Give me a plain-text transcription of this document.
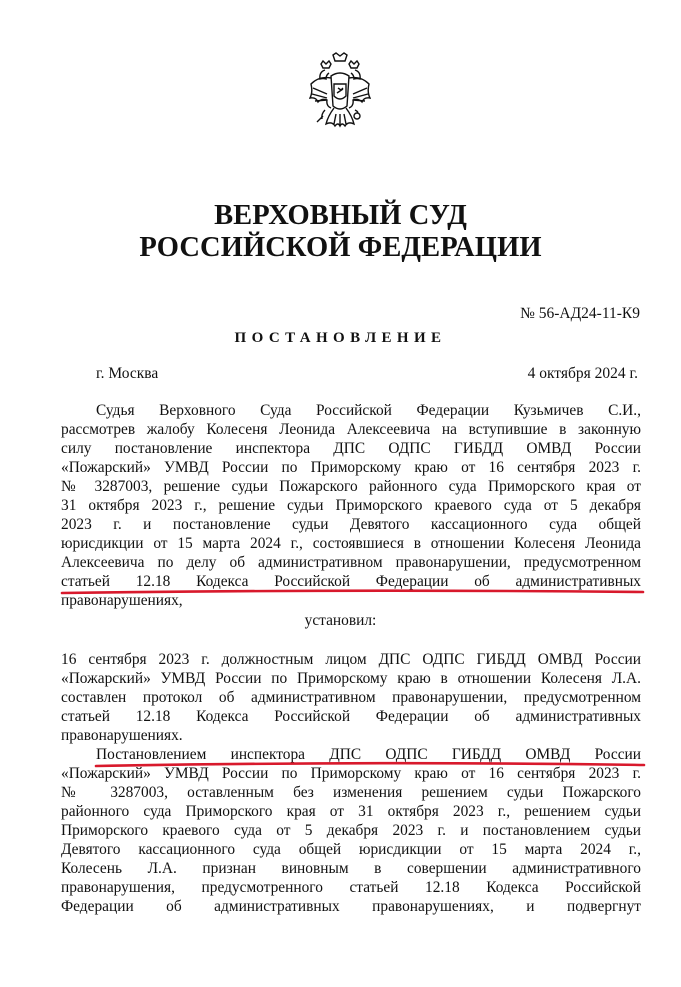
ВЕРХОВНЫЙ СУД
РОССИЙСКОЙ ФЕДЕРАЦИИ
№ 56-АД24-11-К9
ПОСТАНОВЛЕНИЕ
г. Москва	4 октября 2024 г.
Судья Верховного Суда Российской Федерации Кузьмичев С.И.,
рассмотрев жалобу Колесеня Леонида Алексеевича на вступившие в законную
силу постановление инспектора ДПС ОДПС ГИБДД ОМВД России
«Пожарский» УМВД России по Приморскому краю от 16 сентября 2023 г.
№ 3287003, решение судьи Пожарского районного суда Приморского края от
31 октября 2023 г., решение судьи Приморского краевого суда от 5 декабря
2023 г. и постановление судьи Девятого кассационного суда общей
юрисдикции от 15 марта 2024 г., состоявшиеся в отношении Колесеня Леонида
Алексеевича по делу об административном правонарушении, предусмотренном
статьей 12.18 Кодекса Российской Федерации об административных
правонарушениях,
установил:
16 сентября 2023 г. должностным лицом ДПС ОДПС ГИБДД ОМВД России
«Пожарский» УМВД России по Приморскому краю в отношении Колесеня Л.А.
составлен протокол об административном правонарушении, предусмотренном
статьей 12.18 Кодекса Российской Федерации об административных
правонарушениях.
Постановлением инспектора ДПС ОДПС ГИБДД ОМВД России
«Пожарский» УМВД России по Приморскому краю от 16 сентября 2023 г.
№ 3287003, оставленным без изменения решением судьи Пожарского
районного суда Приморского края от 31 октября 2023 г., решением судьи
Приморского краевого суда от 5 декабря 2023 г. и постановлением судьи
Девятого кассационного суда общей юрисдикции от 15 марта 2024 г.,
Колесень Л.А. признан виновным в совершении административного
правонарушения, предусмотренного статьей 12.18 Кодекса Российской
Федерации об административных правонарушениях, и подвергнут
